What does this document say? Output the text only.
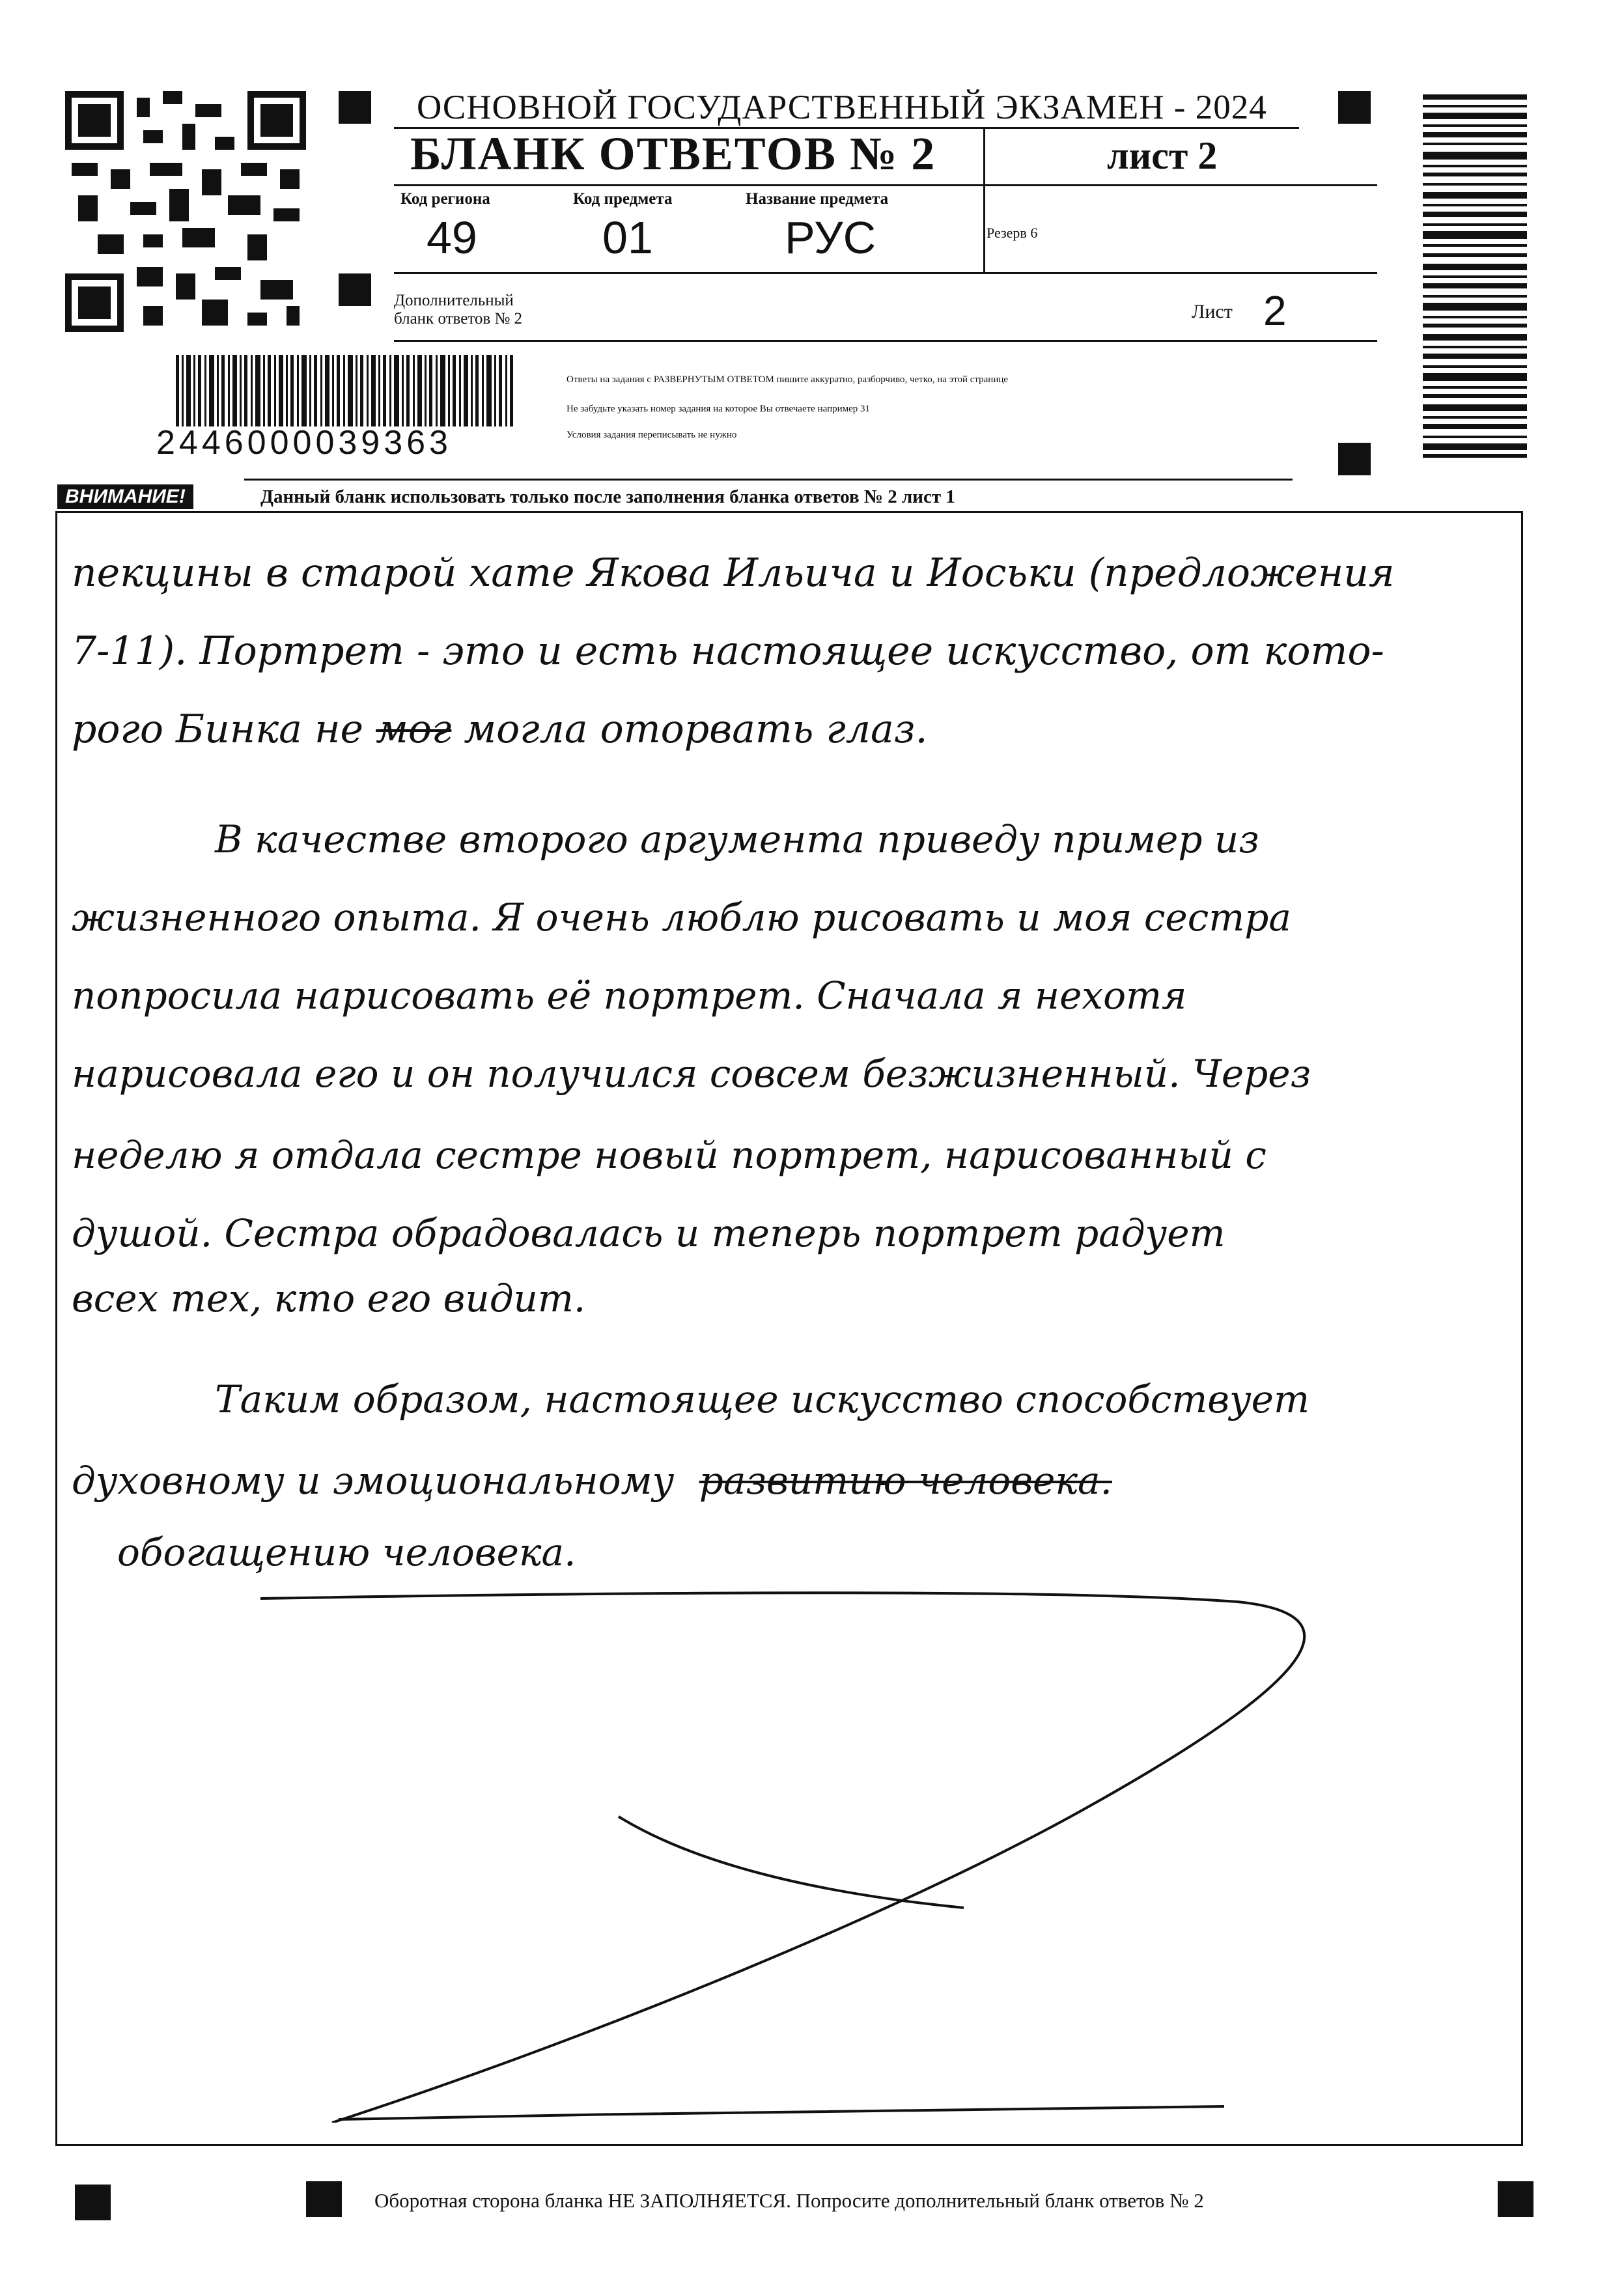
ОСНОВНОЙ ГОСУДАРСТВЕННЫЙ ЭКЗАМЕН - 2024
БЛАНК ОТВЕТОВ № 2	лист 2
Код региона
49
Код предмета
01
Название предмета
РУС	Резерв 6
Дополнительный
бланк ответов № 2	Лист 2
2446000039363
Ответы на задания с РАЗВЕРНУТЫМ ОТВЕТОМ пишите аккуратно, разборчиво, четко, на этой странице
Не забудьте указать номер задания на которое Вы отвечаете например 31
Условия задания переписывать не нужно
ВНИМАНИЕ!	Данный бланк использовать только после заполнения бланка ответов № 2 лист 1
пекцины в старой хате Якова Ильича и Иоськи (предложения
7-11). Портрет - это и есть настоящее искусство, от кото-
рого Бинка не мог могла оторвать глаз.
В качестве второго аргумента приведу пример из
жизненного опыта. Я очень люблю рисовать и моя сестра
попросила нарисовать её портрет. Сначала я нехотя
нарисовала его и он получился совсем безжизненный. Через
неделю я отдала сестре новый портрет, нарисованный с
душой. Сестра обрадовалась и теперь портрет радует
всех тех, кто его видит.
Таким образом, настоящее искусство способствует
духовному и эмоциональному развитию человека.
обогащению человека.
Оборотная сторона бланка НЕ ЗАПОЛНЯЕТСЯ. Попросите дополнительный бланк ответов № 2
